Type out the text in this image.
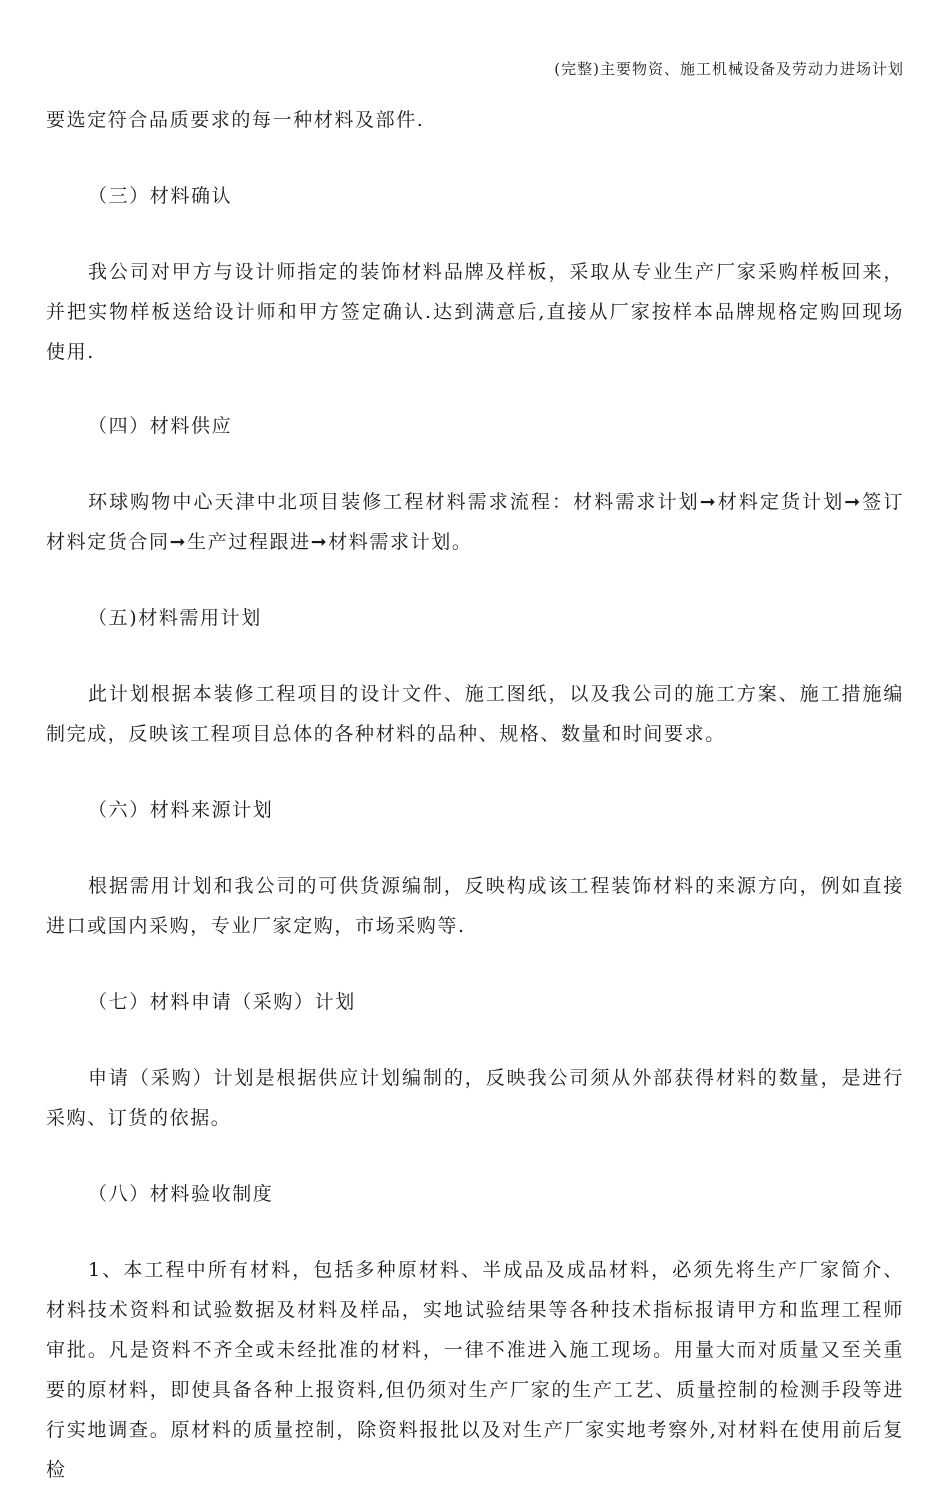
(完整)主要物资、施工机械设备及劳动力进场计划

要选定符合品质要求的每一种材料及部件.

（三）材料确认

我公司对甲方与设计师指定的装饰材料品牌及样板，采取从专业生产厂家采购样板回来，并把实物样板送给设计师和甲方签定确认.达到满意后,直接从厂家按样本品牌规格定购回现场使用.

（四）材料供应

环球购物中心天津中北项目装修工程材料需求流程：材料需求计划➞材料定货计划➞签订材料定货合同➞生产过程跟进➞材料需求计划。

（五)材料需用计划

此计划根据本装修工程项目的设计文件、施工图纸，以及我公司的施工方案、施工措施编制完成，反映该工程项目总体的各种材料的品种、规格、数量和时间要求。

（六）材料来源计划

根据需用计划和我公司的可供货源编制，反映构成该工程装饰材料的来源方向，例如直接进口或国内采购，专业厂家定购，市场采购等.

（七）材料申请（采购）计划

申请（采购）计划是根据供应计划编制的，反映我公司须从外部获得材料的数量，是进行采购、订货的依据。

（八）材料验收制度

1、本工程中所有材料，包括多种原材料、半成品及成品材料，必须先将生产厂家简介、材料技术资料和试验数据及材料及样品，实地试验结果等各种技术指标报请甲方和监理工程师审批。凡是资料不齐全或未经批准的材料，一律不准进入施工现场。用量大而对质量又至关重要的原材料，即使具备各种上报资料,但仍须对生产厂家的生产工艺、质量控制的检测手段等进行实地调查。原材料的质量控制，除资料报批以及对生产厂家实地考察外,对材料在使用前后复检
